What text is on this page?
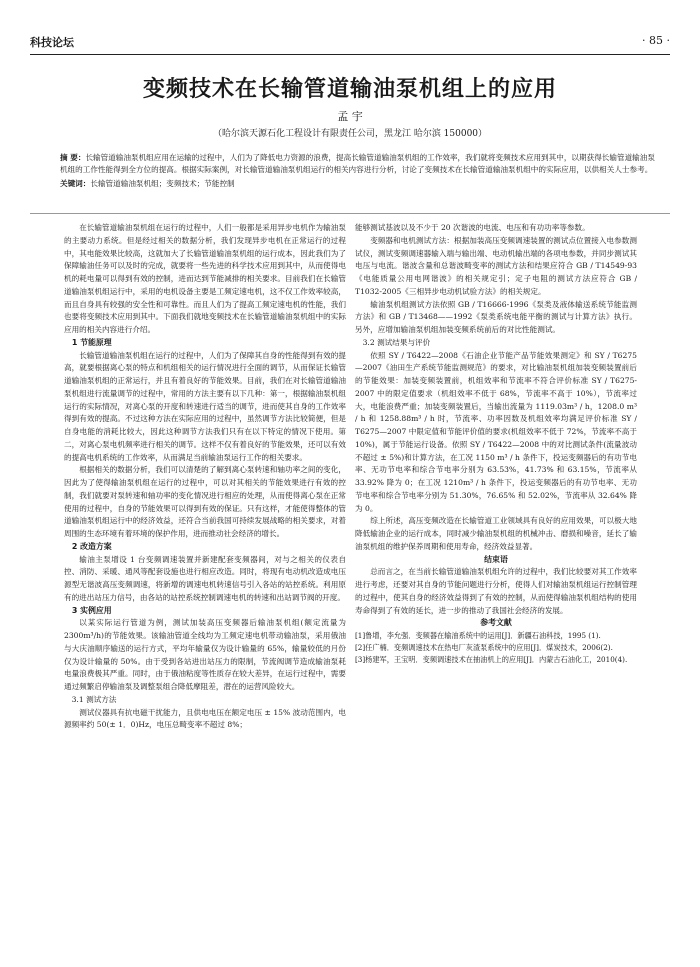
科技论坛	· 85 ·
变频技术在长输管道输油泵机组上的应用
孟 宇
（哈尔滨天源石化工程设计有限责任公司，黑龙江 哈尔滨 150000）

摘 要：长输管道输油泵机组应用在运输的过程中，人们为了降低电力资源的浪费，提高长输管道输油泵机组的工作效率，我们就将变频技术应用到其中，以期获得长输管道输油泵机组的工作性能得到全方位的提高。根据实际案例，对长输管道输油泵机组运行的相关内容进行分析，讨论了变频技术在长输管道输油泵机组中的实际应用，以供相关人士参考。

关键词：长输管道输油泵机组；变频技术；节能控制

在长输管道输油泵机组在运行的过程中，人们一般都是采用异步电机作为输油泵的主要动力系统。但是经过相关的数据分析，我们发现异步电机在正常运行的过程中，其电能效果比较高，这就加大了长输管道输油泵机组的运行成本，因此我们为了保障输油任务可以及时的完成，就要将一些先进的科学技术应用到其中，从而使得电机的耗电量可以得到有效的控制，进而达到节能减排的相关要求。目前我们在长输管道输油泵机组运行中，采用的电机设备主要是工频定速电机，这不仅工作效率较高，而且自身具有较强的安全性和可靠性。而且人们为了提高工频定速电机的性能，我们也要将变频技术应用到其中。下面我们就地变频技术在长输管道输油泵机组中的实际应用的相关内容进行介绍。

1 节能原理

长输管道输油泵机组在运行的过程中，人们为了保障其自身的性能得到有效的提高，就要根据离心泵的特点和机组相关的运行情况进行全面的调节，从而保证长输管道输油泵机组的正常运行，并且有着良好的节能效果。目前，我们在对长输管道输油泵机组进行流量调节的过程中，常用的方法主要有以下几种：第一，根据输油泵机组运行的实际情况，对离心泵的开度和转速进行适当的调节，进而使其自身的工作效率得到有效的提高。不过这种方法在实际应用的过程中，虽然调节方法比较简便，但是自身电能的消耗比较大，因此这种调节方法我们只有在以下特定的情况下使用。第二，对离心泵电机频率进行相关的调节。这样不仅有着良好的节能效果，还可以有效的提高电机系统的工作效率，从而满足当前输油泵运行工作的相关要求。

根据相关的数据分析，我们可以清楚的了解到离心泵转速和轴功率之间的变化，因此为了使得输油泵机组在运行的过程中，可以对其相关的节能效果进行有效的控制，我们就要对泵转速和轴功率的变化情况进行相应的处理，从而使得离心泵在正常使用的过程中，自身的节能效果可以得到有效的保证。只有这样，才能使得整体的管道输油泵机组运行中的经济效益，还符合当前我国可持续发展战略的相关要求，对着周围的生态环境有着环境的保护作用，进而推动社会经济的增长。

2 改造方案

输油主泵增设 1 台变频调速装置并新建配套变频器间，对与之相关的仪表自控、消防、采暖、通风等配套设施也进行相应改造。同时，将现有电动机改造成电压源型无谐波高压变频调速，将新增的调速电机转速信号引入各站的站控系统。利用原有的进出站压力信号，由各站的站控系统控制调速电机的转速和出站调节阀的开度。

3 实例应用

以某实际运行管道为例，测试加装高压变频器后输油泵机组(额定流量为 2300m³/h)的节能效果。该输油管道全线均为工频定速电机带动输油泵，采用俄油与大庆油顺序输送的运行方式，平均年输量仅为设计输量的 65%，输量较低的月份仅为设计输量的 50%。由于受到各站进出站压力的限制，节流阀调节造成输油泵耗电量浪费极其严重。同时，由于俄油粘度等性质存在较大差异，在运行过程中，需要通过频繁启停输油泵及调整泵组合降低摩阻差，潜在的运营风险较大。

3.1 测试方法

测试仪器具有抗电磁干扰能力，且供电电压在额定电压 ± 15% 波动范围内，电源频率约 50(± 1．0)Hz，电压总畸变率不超过 8%；

能够测试基波以及不少于 20 次谐波的电流、电压和有功功率等参数。

变频器和电机测试方法：根据加装高压变频调速装置的测试点位置接入电参数测试仪，测试变频调速器输入端与输出端、电动机输出端的各项电参数，并同步测试其电压与电流。谐波含量和总谐波畸变率的测试方法和结果应符合 GB / T14549-93《电能质量公用电网谐波》的相关规定引；定子电阻的测试方法应符合 GB / T1032-2005《三相异步电动机试验方法》的相关规定。

输油泵机组测试方法依照 GB / T16666-1996《泵类及液体输送系统节能监测方法》和 GB / T13468——1992《泵类系统电能平衡的测试与计算方法》执行。另外，应增加输油泵机组加装变频系统前后的对比性能测试。

3.2 测试结果与评价

依照 SY / T6422—2008《石油企业节能产品节能效果测定》和 SY / T6275—2007《油田生产系统节能监测规范》的要求，对比输油泵机组加装变频装置前后的节能效果：加装变频装置前，机组效率和节流率不符合评价标准 SY / T6275-2007 中的限定值要求（机组效率不低于 68%，节流率不高于 10%），节流率过大，电能浪费严重；加装变频装置后，当输出流量为 1119.03m³ / h，1208.0 m³ / h 和 1258.88m³ / h 时，节流率、功率因数及机组效率均满足评价标准 SY / T6275—2007 中限定值和节能评价值的要求(机组效率不低于 72%，节流率不高于 10%)，属于节能运行设备。依照 SY / T6422—2008 中的对比测试条件(流量波动不超过 ± 5%)和计算方法，在工况 1150 m³ / h 条件下，投运变频器后的有功节电率、无功节电率和综合节电率分别为 63.53%，41.73% 和 63.15%，节流率从 33.92% 降为 0；在工况 1210m³ / h 条件下，投运变频器后的有功节电率、无功节电率和综合节电率分别为 51.30%，76.65% 和 52.02%，节流率从 32.64% 降为 0。

综上所述，高压变频改造在长输管道工业领域具有良好的应用效果，可以极大地降低输油企业的运行成本，同时减少输油泵机组的机械冲击、磨损和噪音，延长了输油泵机组的维护保养周期和使用寿命，经济效益显著。

结束语

总而言之，在当前长输管道输油泵机组允许的过程中，我们比较要对其工作效率进行考虑，还要对其自身的节能问题进行分析，使得人们对输油泵机组运行控制管理的过程中，使其自身的经济效益得到了有效的控制，从而使得输油泵机组结构的使用寿命得到了有效的延长，进一步的推动了我国社会经济的发展。

参考文献

[1]鲁增，李允强．变频器在输油系统中的运用[J]．新疆石油科技，1995 (1).
[2]任广楠．变频调速技术在热电厂灰渣泵系统中的应用[J]．煤炭技术，2006(2).
[3]杨建军，王宝明．变频调速技术在抽油机上的应用[J]．内蒙古石油化工，2010(4).
